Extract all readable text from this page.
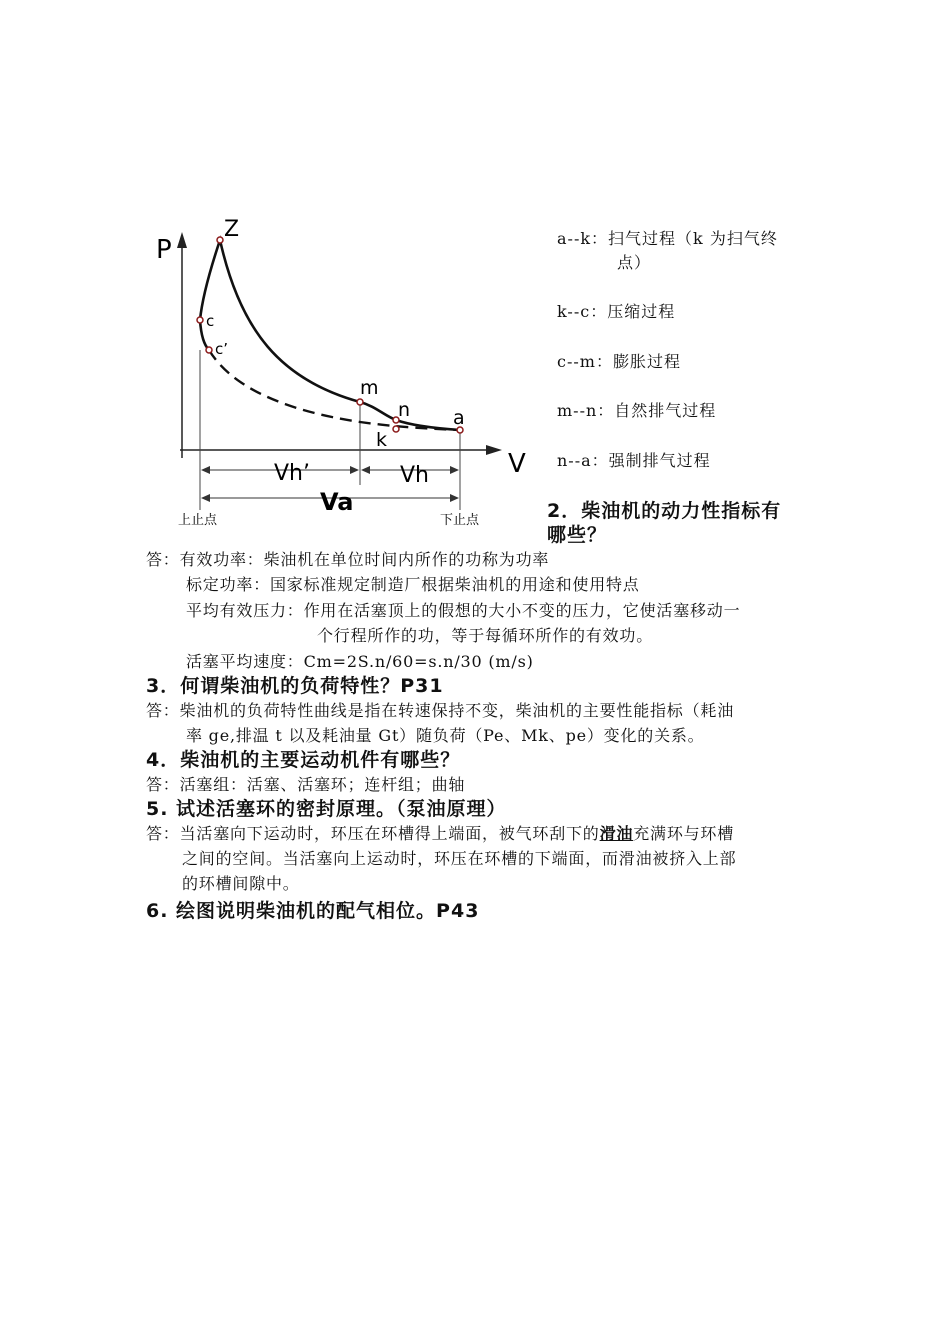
P
V
Z
c
c’
m
n
k
a
Vh’	Vh
Va
上止点	下止点
a--k：扫气过程（k 为扫气终
点）
k--c：压缩过程
c--m：膨胀过程
m--n：自然排气过程
n--a：强制排气过程
2．柴油机的动力性指标有
哪些？
答：有效功率：柴油机在单位时间内所作的功称为功率
标定功率：国家标准规定制造厂根据柴油机的用途和使用特点
平均有效压力：作用在活塞顶上的假想的大小不变的压力，它使活塞移动一
个行程所作的功，等于每循环所作的有效功。
活塞平均速度：Cm=2S.n/60=s.n/30 (m/s)
3．何谓柴油机的负荷特性？P31
答：柴油机的负荷特性曲线是指在转速保持不变，柴油机的主要性能指标（耗油
率 ge,排温 t 以及耗油量 Gt）随负荷（Pe、Mk、pe）变化的关系。
4．柴油机的主要运动机件有哪些？
答：活塞组：活塞、活塞环；连杆组；曲轴
5. 试述活塞环的密封原理。（泵油原理）
答：当活塞向下运动时，环压在环槽得上端面，被气环刮下的滑油充满环与环槽
之间的空间。当活塞向上运动时，环压在环槽的下端面，而滑油被挤入上部
的环槽间隙中。
6. 绘图说明柴油机的配气相位。P43
